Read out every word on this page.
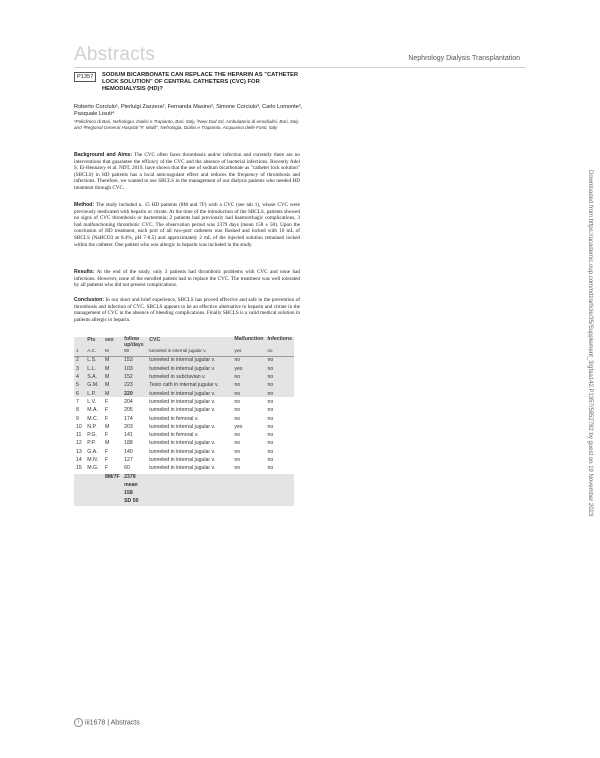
Abstracts	Nephrology Dialysis Transplantation
P1357	SODIUM BICARBONATE CAN REPLACE THE HEPARIN AS "CATHETER LOCK SOLUTION" OF CENTRAL CATHETERS (CVC) FOR HEMODIALYSIS (HD)?
Roberto Corciulo¹, Pierluigi Zazzera², Fernanda Masino², Simone Corciulo³, Carlo Lomonte², Pasquale Lisuti⁴
¹Policlinico di Bari, Nefrologia, Dialisi e Trapianto, Bari, Italy, ²New Dial Srl, Ambulatorio di emodialisi, Bari, Italy and ³Regional General Hospital "F. Miulli", Nefrologia, Dialisi e Trapianto, Acquaviva delle Fonti, Italy
Background and Aims: The CVC often faces thrombosis and/or infection and currently there are no interventions that guarantee the efficacy of the CVC and the absence of bacterial infections. Recently Adel S. El-Hennawy et al. NDT, 2019, have shown that the use of sodium bicarbonate as "catheter lock solution" (SBCLS) in HD patients has a local anticoagulant effect and reduces the frequency of thrombosis and infections. Therefore, we wanted to use SBCLS in the management of our dialysis patients who needed HD treatment through CVC.
Method: The study included n. 15 HD patients (8M and 7F) with a CVC (see tab 1), whose CVC were previously medicated with heparin or citrate. At the time of the introduction of the SBCLS, patients showed no signs of CVC thrombosis or bacteremia; 2 patients had previously had haemorrhagic complications, 3 had malfunctioning thrombotic CVC. The observation period was 2379 days (mean 158 ± 50). Upon the conclusion of HD treatment, each port of all two-port catheters was flushed and locked with 10 mL of SBCLS (NaHCO3 at 8.4%, pH 7-8.5) and approximately 2 mL of the injected solution remained locked within the catheter. One patient who was allergic to heparin was included in the study.
Results: At the end of the study, only 3 patients had thrombotic problems with CVC and none had infections. However, none of the enrolled patient had to replace the CVC. The treatment was well tolerated by all patients who did not present complications.
Conclusion: In our short and brief experience, SBCLS has proved effective and safe in the prevention of thrombosis and infection of CVC. SBCLS appears to be an effective alternative to heparin and citrate in the management of CVC in the absence of bleeding complications. Finally SBCLS is a valid medical solution in patients allergic to heparin.
	Pts	sex	follow up/days	CVC	Malfunction	Infections
1	A.C.	M	90	tunneled in internal jugular v.	yes	no
2	L.S.	M	153	tunneled in internal jugular v.	no	no
3	L.L.	M	103	tunneled in internal jugular v.	yes	no
4	S.A.	M	152	tunneled in subclavian v.	no	no
5	G.M.	M	223	Tesio cath in internal jugular v.	no	no
6	L.P.	M	220	tunneled in internal jugular v.	no	no
7	L.V.	F	204	tunneled in internal jugular v.	no	no
8	M.A.	F	205	tunneled in internal jugular v.	no	no
9	M.C.	F	174	tunneled in femoral v.	no	no
10	N.P.	M	203	tunneled in internal jugular v.	yes	no
11	P.G.	F	141	tunneled in femoral v.	no	no
12	P.P.	M	188	tunneled in internal jugular v.	no	no
13	G.A.	F	140	tunneled in internal jugular v.	no	no
14	M.N.	F	127	tunneled in internal jugular v.	no	no
15	M.G.	F	60	tunneled in internal jugular v.	no	no
		8M/7F	2379			
			mean			
			158			
			SD 50				Downloaded from https://academic.oup.com/ndt/article/35/Supplement_3/gfaa142.P1357/5852782 by guest on 19 November 2023
i iii1678 | Abstracts
